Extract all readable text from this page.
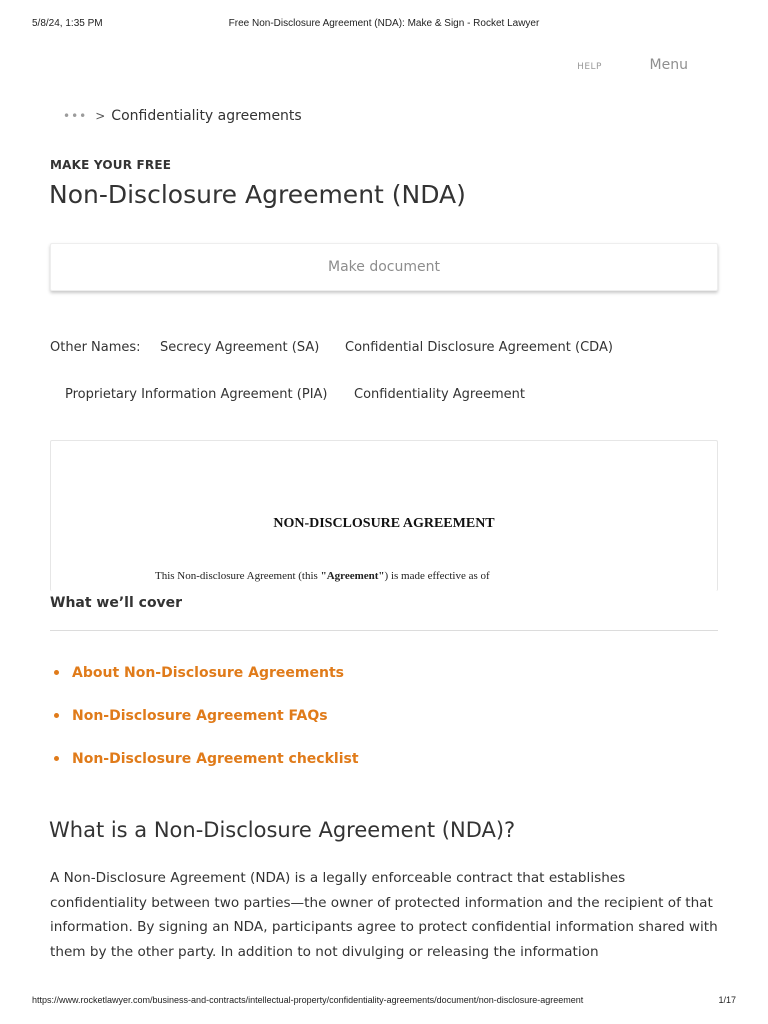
5/8/24, 1:35 PM	Free Non-Disclosure Agreement (NDA): Make & Sign - Rocket Lawyer
HELP	Menu
••• > Confidentiality agreements
MAKE YOUR FREE
Non-Disclosure Agreement (NDA)
Make document
Other Names: Secrecy Agreement (SA) Confidential Disclosure Agreement (CDA)
Proprietary Information Agreement (PIA) Confidentiality Agreement
NON-DISCLOSURE AGREEMENT
This Non-disclosure Agreement (this "Agreement") is made effective as of
What we’ll cover
About Non-Disclosure Agreements
Non-Disclosure Agreement FAQs
Non-Disclosure Agreement checklist
What is a Non-Disclosure Agreement (NDA)?

A Non-Disclosure Agreement (NDA) is a legally enforceable contract that establishes confidentiality between two parties—the owner of protected information and the recipient of that information. By signing an NDA, participants agree to protect confidential information shared with them by the other party. In addition to not divulging or releasing the information

https://www.rocketlawyer.com/business-and-contracts/intellectual-property/confidentiality-agreements/document/non-disclosure-agreement	1/17
